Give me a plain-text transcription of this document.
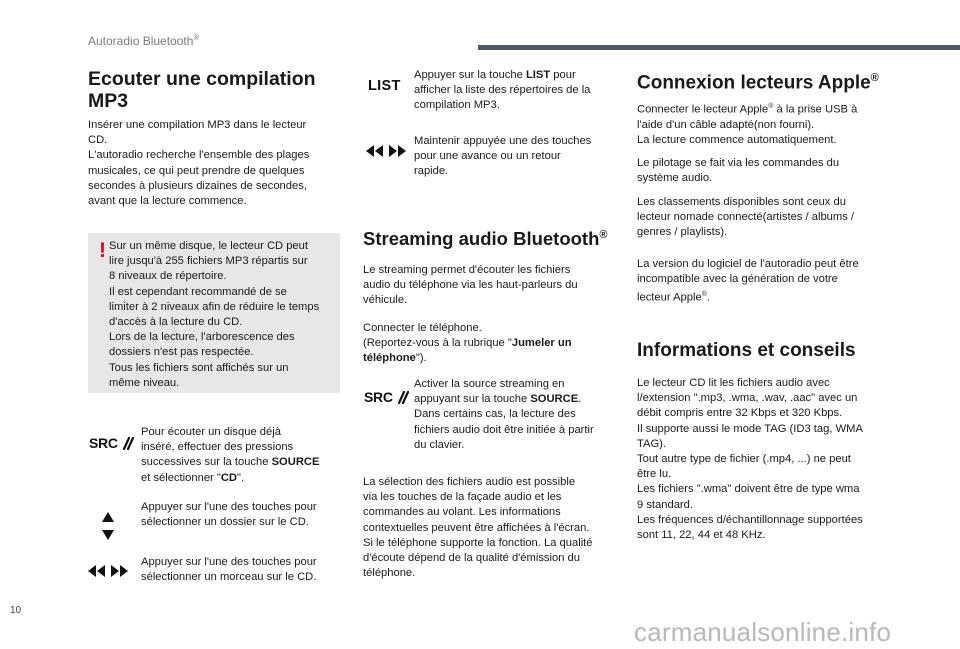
Autoradio Bluetooth®
Ecouter une compilation
MP3

Insérer une compilation MP3 dans le lecteur
CD.
L'autoradio recherche l'ensemble des plages
musicales, ce qui peut prendre de quelques
secondes à plusieurs dizaines de secondes,
avant que la lecture commence.

! Sur un même disque, le lecteur CD peut
lire jusqu'à 255 fichiers MP3 répartis sur
8 niveaux de répertoire.
Il est cependant recommandé de se
limiter à 2 niveaux afin de réduire le temps
d'accès à la lecture du CD.
Lors de la lecture, l'arborescence des
dossiers n'est pas respectée.
Tous les fichiers sont affichés sur un
même niveau.
SRC

Pour écouter un disque déjà
inséré, effectuer des pressions
successives sur la touche SOURCE
et sélectionner "CD".

Appuyer sur l'une des touches pour
sélectionner un dossier sur le CD.

Appuyer sur l'une des touches pour
sélectionner un morceau sur le CD.

LIST

Appuyer sur la touche LIST pour
afficher la liste des répertoires de la
compilation MP3.

Maintenir appuyée une des touches
pour une avance ou un retour
rapide.

Streaming audio Bluetooth®

Le streaming permet d'écouter les fichiers
audio du téléphone via les haut-parleurs du
véhicule.

Connecter le téléphone.
(Reportez-vous à la rubrique "Jumeler un
téléphone").

SRC

Activer la source streaming en
appuyant sur la touche SOURCE.
Dans certains cas, la lecture des
fichiers audio doit être initiée à partir
du clavier.

La sélection des fichiers audio est possible
via les touches de la façade audio et les
commandes au volant. Les informations
contextuelles peuvent être affichées à l'écran.
Si le téléphone supporte la fonction. La qualité
d'écoute dépend de la qualité d'émission du
téléphone.

Connexion lecteurs Apple®

Connecter le lecteur Apple® à la prise USB à
l'aide d'un câble adapté(non fourni).
La lecture commence automatiquement.

Le pilotage se fait via les commandes du
système audio.

Les classements disponibles sont ceux du
lecteur nomade connecté(artistes / albums /
genres / playlists).

La version du logiciel de l'autoradio peut être
incompatible avec la génération de votre
lecteur Apple®.

Informations et conseils

Le lecteur CD lit les fichiers audio avec
l/extension ".mp3, .wma, .wav, .aac" avec un
débit compris entre 32 Kbps et 320 Kbps.
Il supporte aussi le mode TAG (ID3 tag, WMA
TAG).
Tout autre type de fichier (.mp4, ...) ne peut
être lu.
Les fichiers ".wma" doivent être de type wma
9 standard.
Les fréquences d/échantillonnage supportées
sont 11, 22, 44 et 48 KHz.

10
carmanualsonline.info
